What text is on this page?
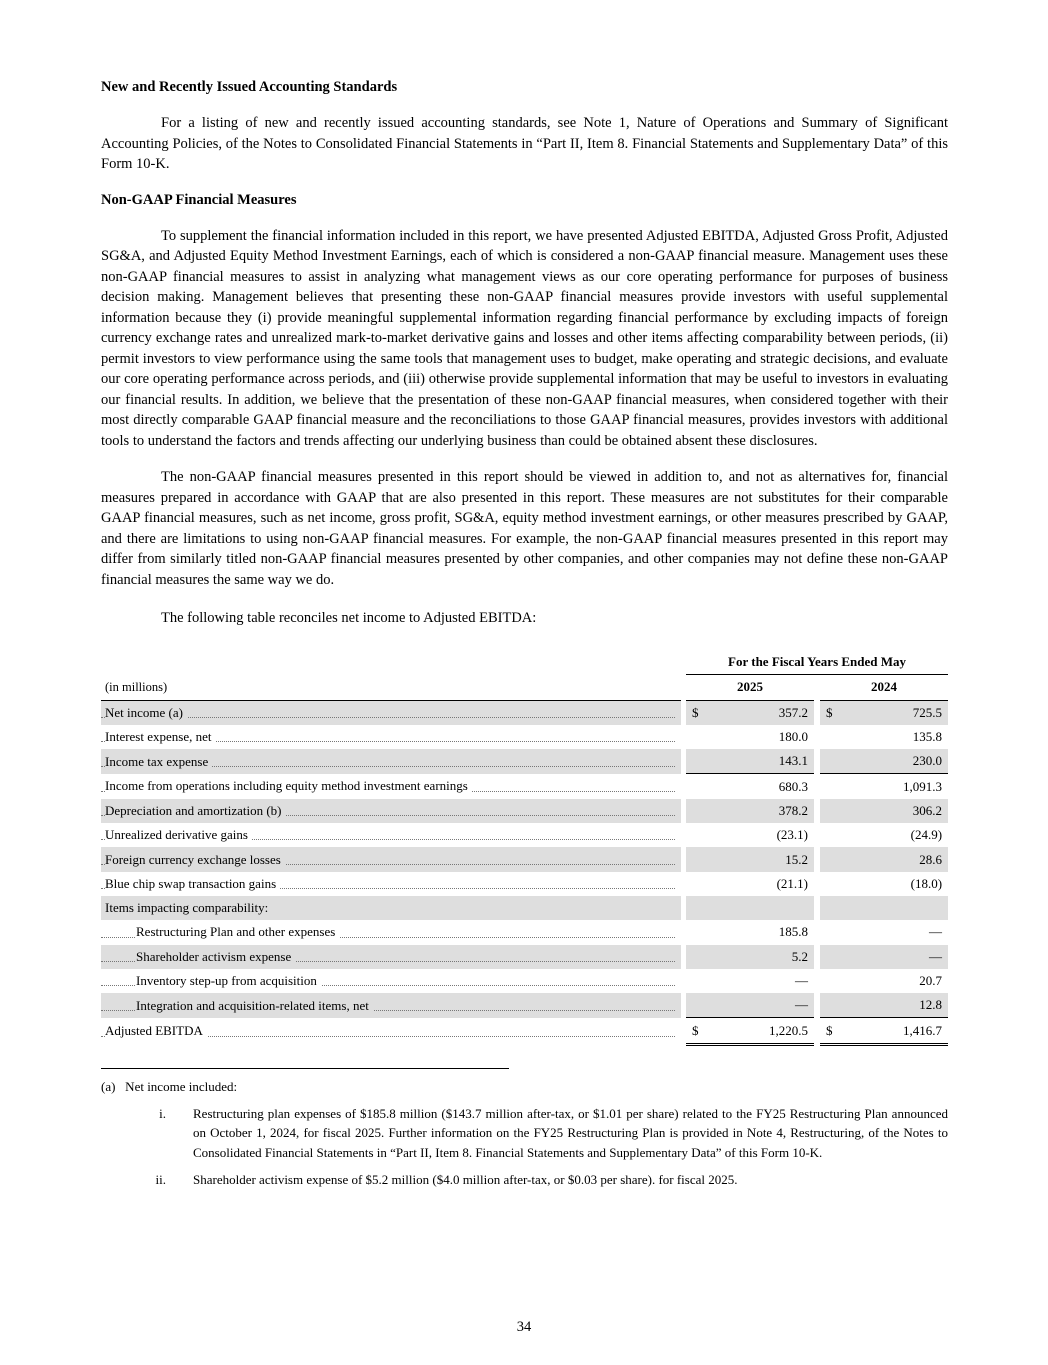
New and Recently Issued Accounting Standards

For a listing of new and recently issued accounting standards, see Note 1, Nature of Operations and Summary of Significant Accounting Policies, of the Notes to Consolidated Financial Statements in “Part II, Item 8. Financial Statements and Supplementary Data” of this Form 10-K.

Non-GAAP Financial Measures

To supplement the financial information included in this report, we have presented Adjusted EBITDA, Adjusted Gross Profit, Adjusted SG&A, and Adjusted Equity Method Investment Earnings, each of which is considered a non-GAAP financial measure. Management uses these non-GAAP financial measures to assist in analyzing what management views as our core operating performance for purposes of business decision making. Management believes that presenting these non-GAAP financial measures provide investors with useful supplemental information because they (i) provide meaningful supplemental information regarding financial performance by excluding impacts of foreign currency exchange rates and unrealized mark-to-market derivative gains and losses and other items affecting comparability between periods, (ii) permit investors to view performance using the same tools that management uses to budget, make operating and strategic decisions, and evaluate our core operating performance across periods, and (iii) otherwise provide supplemental information that may be useful to investors in evaluating our financial results. In addition, we believe that the presentation of these non-GAAP financial measures, when considered together with their most directly comparable GAAP financial measure and the reconciliations to those GAAP financial measures, provides investors with additional tools to understand the factors and trends affecting our underlying business than could be obtained absent these disclosures.

The non-GAAP financial measures presented in this report should be viewed in addition to, and not as alternatives for, financial measures prepared in accordance with GAAP that are also presented in this report. These measures are not substitutes for their comparable GAAP financial measures, such as net income, gross profit, SG&A, equity method investment earnings, or other measures prescribed by GAAP, and there are limitations to using non-GAAP financial measures. For example, the non-GAAP financial measures presented in this report may differ from similarly titled non-GAAP financial measures presented by other companies, and other companies may not define these non-GAAP financial measures the same way we do.

The following table reconciles net income to Adjusted EBITDA:

		For the Fiscal Years Ended May				
(in millions)		2025			2024	

Net income (a)		$	357.2		$	725.5

Interest expense, net			180.0			135.8

Income tax expense			143.1			230.0

Income from operations including equity method investment earnings			680.3			1,091.3

Depreciation and amortization (b)			378.2			306.2

Unrealized derivative gains			(23.1)			(24.9)

Foreign currency exchange losses			15.2			28.6

Blue chip swap transaction gains			(21.1)			(18.0)
Items impacting comparability:						

Restructuring Plan and other expenses			185.8			—

Shareholder activism expense			5.2			—

Inventory step-up from acquisition			—			20.7

Integration and acquisition-related items, net			—			12.8

Adjusted EBITDA		$	1,220.5		$	1,416.7
(a)   Net income included:
i.	Restructuring plan expenses of $185.8 million ($143.7 million after-tax, or $1.01 per share) related to the FY25 Restructuring Plan announced on October 1, 2024, for fiscal 2025. Further information on the FY25 Restructuring Plan is provided in Note 4, Restructuring, of the Notes to Consolidated Financial Statements in “Part II, Item 8. Financial Statements and Supplementary Data” of this Form 10-K.
ii.	Shareholder activism expense of $5.2 million ($4.0 million after-tax, or $0.03 per share). for fiscal 2025.
34
